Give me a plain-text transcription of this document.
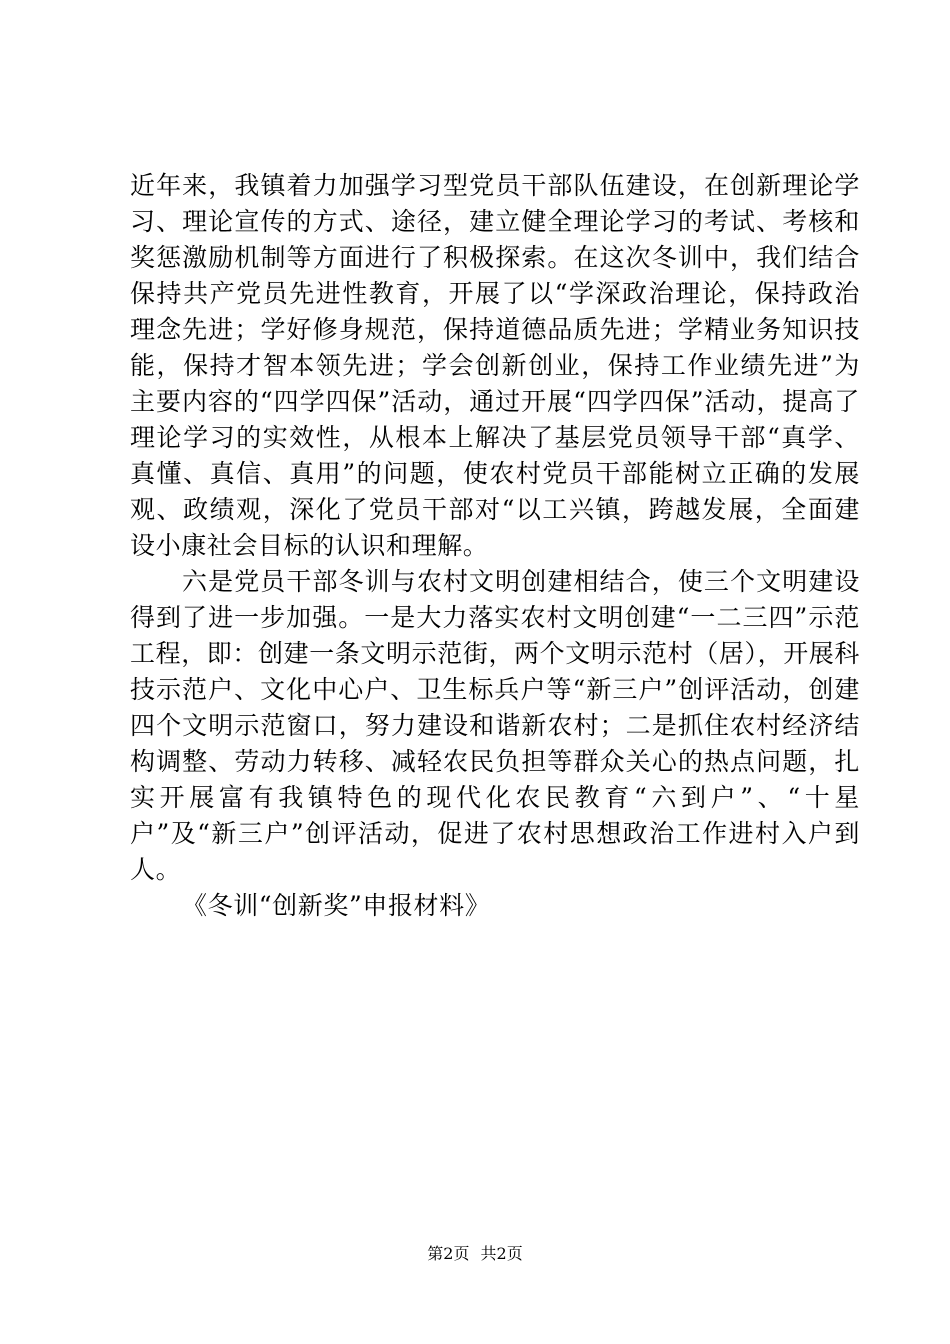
近年来，我镇着力加强学习型党员干部队伍建设，在创新理论学习、理论宣传的方式、途径，建立健全理论学习的考试、考核和奖惩激励机制等方面进行了积极探索。在这次冬训中，我们结合保持共产党员先进性教育，开展了以“学深政治理论，保持政治理念先进；学好修身规范，保持道德品质先进；学精业务知识技能，保持才智本领先进；学会创新创业，保持工作业绩先进”为主要内容的“四学四保”活动，通过开展“四学四保”活动，提高了理论学习的实效性，从根本上解决了基层党员领导干部“真学、真懂、真信、真用”的问题，使农村党员干部能树立正确的发展观、政绩观，深化了党员干部对“以工兴镇，跨越发展，全面建设小康社会目标的认识和理解。

六是党员干部冬训与农村文明创建相结合，使三个文明建设得到了进一步加强。一是大力落实农村文明创建“一二三四”示范工程，即：创建一条文明示范街，两个文明示范村（居），开展科技示范户、文化中心户、卫生标兵户等“新三户”创评活动，创建四个文明示范窗口，努力建设和谐新农村；二是抓住农村经济结构调整、劳动力转移、减轻农民负担等群众关心的热点问题，扎实开展富有我镇特色的现代化农民教育“六到户”、“十星户”及“新三户”创评活动，促进了农村思想政治工作进村入户到人。

《冬训“创新奖”申报材料》

第2页 共2页
